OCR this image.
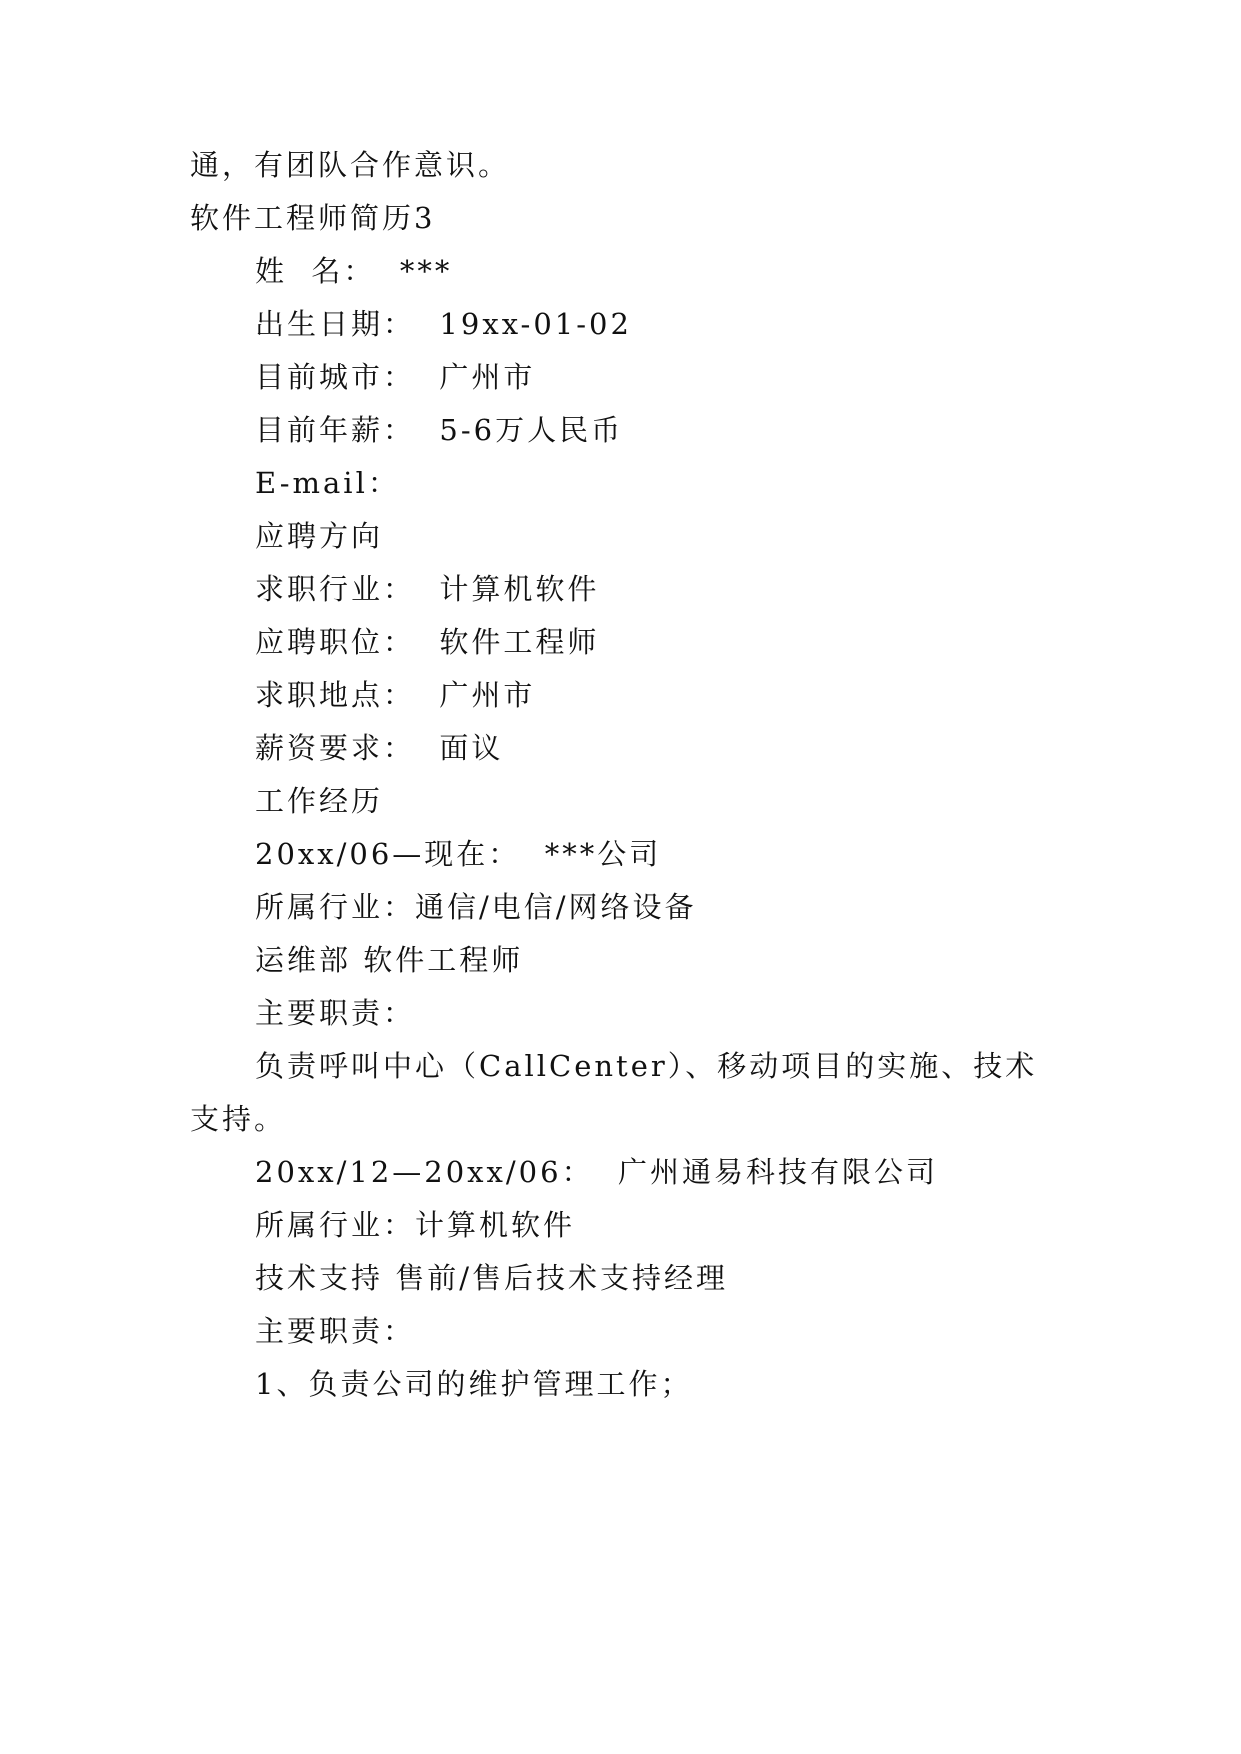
通，有团队合作意识。
软件工程师简历3
姓  名：  ***
出生日期：  19xx-01-02
目前城市：  广州市
目前年薪：  5-6万人民币
E-mail：
应聘方向
求职行业：  计算机软件
应聘职位：  软件工程师
求职地点：  广州市
薪资要求：  面议
工作经历
20xx/06—现在：  ***公司
所属行业：通信/电信/网络设备
运维部 软件工程师
主要职责：
负责呼叫中心（CallCenter）、移动项目的实施、技术
支持。
20xx/12—20xx/06：  广州通易科技有限公司
所属行业：计算机软件
技术支持 售前/售后技术支持经理
主要职责：
1、负责公司的维护管理工作；
